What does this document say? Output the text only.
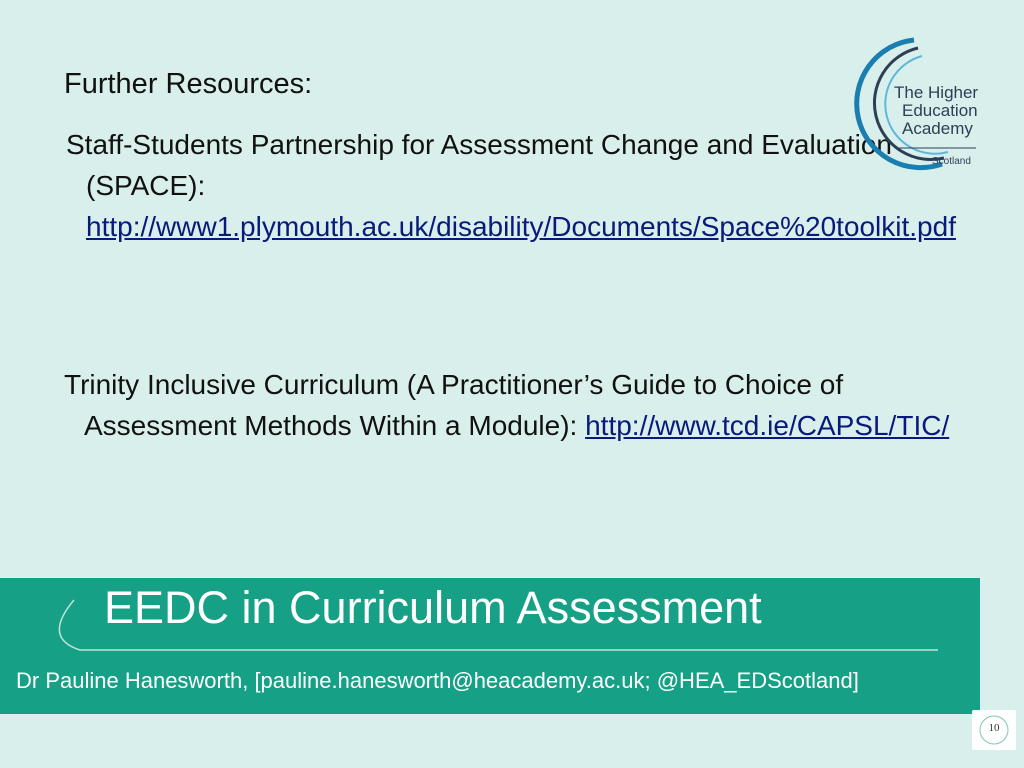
Further Resources:
Staff-Students Partnership for Assessment Change and Evaluation (SPACE): http://www1.plymouth.ac.uk/disability/Documents/Space%20toolkit.pdf
Trinity Inclusive Curriculum (A Practitioner’s Guide to Choice of Assessment Methods Within a Module): http://www.tcd.ie/CAPSL/TIC/
The Higher
Education
Academy
Scotland
EEDC in Curriculum Assessment
Dr Pauline Hanesworth, [pauline.hanesworth@heacademy.ac.uk; @HEA_EDScotland]
10
